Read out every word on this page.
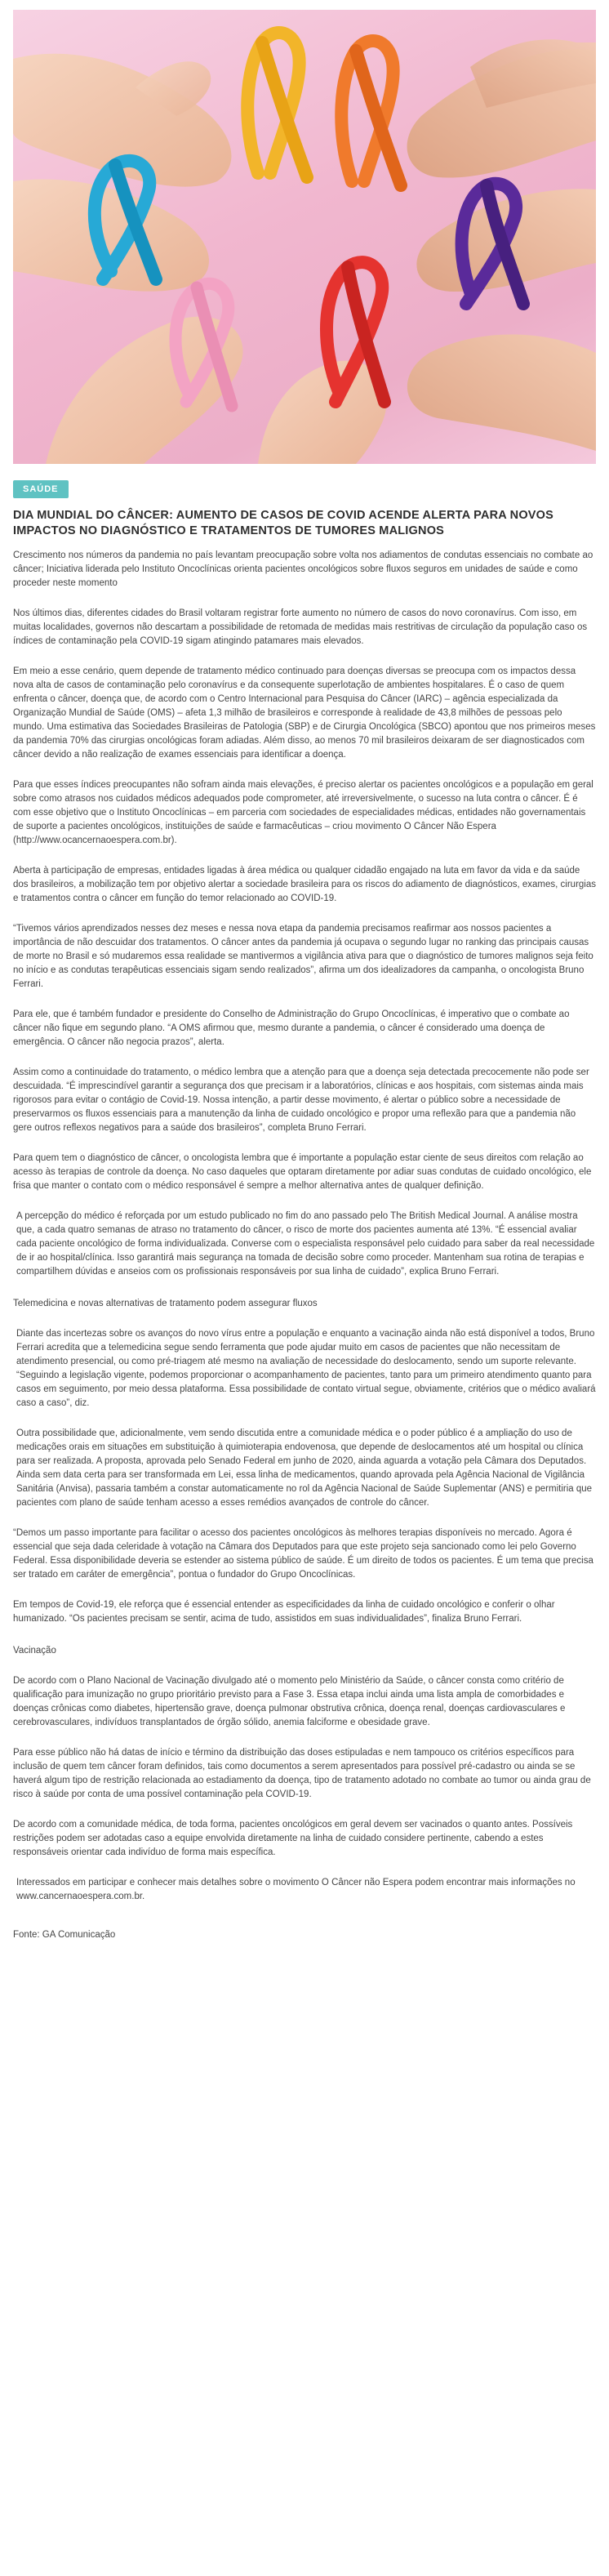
SAÚDE
DIA MUNDIAL DO CÂNCER: AUMENTO DE CASOS DE COVID ACENDE ALERTA PARA NOVOS IMPACTOS NO DIAGNÓSTICO E TRATAMENTOS DE TUMORES MALIGNOS

Crescimento nos números da pandemia no país levantam preocupação sobre volta nos adiamentos de condutas essenciais no combate ao câncer; Iniciativa liderada pelo Instituto Oncoclínicas orienta pacientes oncológicos sobre fluxos seguros em unidades de saúde e como proceder neste momento

Nos últimos dias, diferentes cidades do Brasil voltaram registrar forte aumento no número de casos do novo coronavírus. Com isso, em muitas localidades, governos não descartam a possibilidade de retomada de medidas mais restritivas de circulação da população caso os índices de contaminação pela COVID-19 sigam atingindo patamares mais elevados.

Em meio a esse cenário, quem depende de tratamento médico continuado para doenças diversas se preocupa com os impactos dessa nova alta de casos de contaminação pelo coronavírus e da consequente superlotação de ambientes hospitalares. É o caso de quem enfrenta o câncer, doença que, de acordo com o Centro Internacional para Pesquisa do Câncer (IARC) – agência especializada da Organização Mundial de Saúde (OMS) – afeta 1,3 milhão de brasileiros e corresponde à realidade de 43,8 milhões de pessoas pelo mundo. Uma estimativa das Sociedades Brasileiras de Patologia (SBP) e de Cirurgia Oncológica (SBCO) apontou que nos primeiros meses da pandemia 70% das cirurgias oncológicas foram adiadas. Além disso, ao menos 70 mil brasileiros deixaram de ser diagnosticados com câncer devido a não realização de exames essenciais para identificar a doença.

Para que esses índices preocupantes não sofram ainda mais elevações, é preciso alertar os pacientes oncológicos e a população em geral sobre como atrasos nos cuidados médicos adequados pode comprometer, até irreversivelmente, o sucesso na luta contra o câncer. É é com esse objetivo que o Instituto Oncoclínicas – em parceria com sociedades de especialidades médicas, entidades não governamentais de suporte a pacientes oncológicos, instituições de saúde e farmacêuticas – criou movimento O Câncer Não Espera (http://www.ocancernaoespera.com.br).

Aberta à participação de empresas, entidades ligadas à área médica ou qualquer cidadão engajado na luta em favor da vida e da saúde dos brasileiros, a mobilização tem por objetivo alertar a sociedade brasileira para os riscos do adiamento de diagnósticos, exames, cirurgias e tratamentos contra o câncer em função do temor relacionado ao COVID-19.

“Tivemos vários aprendizados nesses dez meses e nessa nova etapa da pandemia precisamos reafirmar aos nossos pacientes a importância de não descuidar dos tratamentos. O câncer antes da pandemia já ocupava o segundo lugar no ranking das principais causas de morte no Brasil e só mudaremos essa realidade se mantivermos a vigilância ativa para que o diagnóstico de tumores malignos seja feito no início e as condutas terapêuticas essenciais sigam sendo realizados”, afirma um dos idealizadores da campanha, o oncologista Bruno Ferrari.

Para ele, que é também fundador e presidente do Conselho de Administração do Grupo Oncoclínicas, é imperativo que o combate ao câncer não fique em segundo plano. “A OMS afirmou que, mesmo durante a pandemia, o câncer é considerado uma doença de emergência. O câncer não negocia prazos”, alerta.

Assim como a continuidade do tratamento, o médico lembra que a atenção para que a doença seja detectada precocemente não pode ser descuidada. “É imprescindível garantir a segurança dos que precisam ir a laboratórios, clínicas e aos hospitais, com sistemas ainda mais rigorosos para evitar o contágio de Covid-19. Nossa intenção, a partir desse movimento, é alertar o público sobre a necessidade de preservarmos os fluxos essenciais para a manutenção da linha de cuidado oncológico e propor uma reflexão para que a pandemia não gere outros reflexos negativos para a saúde dos brasileiros”, completa Bruno Ferrari.

Para quem tem o diagnóstico de câncer, o oncologista lembra que é importante a população estar ciente de seus direitos com relação ao acesso às terapias de controle da doença. No caso daqueles que optaram diretamente por adiar suas condutas de cuidado oncológico, ele frisa que manter o contato com o médico responsável é sempre a melhor alternativa antes de qualquer definição.

A percepção do médico é reforçada por um estudo publicado no fim do ano passado pelo The British Medical Journal. A análise mostra que, a cada quatro semanas de atraso no tratamento do câncer, o risco de morte dos pacientes aumenta até 13%. “É essencial avaliar cada paciente oncológico de forma individualizada. Converse com o especialista responsável pelo cuidado para saber da real necessidade de ir ao hospital/clínica. Isso garantirá mais segurança na tomada de decisão sobre como proceder. Mantenham sua rotina de terapias e compartilhem dúvidas e anseios com os profissionais responsáveis por sua linha de cuidado”, explica Bruno Ferrari.

Telemedicina e novas alternativas de tratamento podem assegurar fluxos

Diante das incertezas sobre os avanços do novo vírus entre a população e enquanto a vacinação ainda não está disponível a todos, Bruno Ferrari acredita que a telemedicina segue sendo ferramenta que pode ajudar muito em casos de pacientes que não necessitam de atendimento presencial, ou como pré-triagem até mesmo na avaliação de necessidade do deslocamento, sendo um suporte relevante. “Seguindo a legislação vigente, podemos proporcionar o acompanhamento de pacientes, tanto para um primeiro atendimento quanto para casos em seguimento, por meio dessa plataforma. Essa possibilidade de contato virtual segue, obviamente, critérios que o médico avaliará caso a caso”, diz.

Outra possibilidade que, adicionalmente, vem sendo discutida entre a comunidade médica e o poder público é a ampliação do uso de medicações orais em situações em substituição à quimioterapia endovenosa, que depende de deslocamentos até um hospital ou clínica para ser realizada. A proposta, aprovada pelo Senado Federal em junho de 2020, ainda aguarda a votação pela Câmara dos Deputados. Ainda sem data certa para ser transformada em Lei, essa linha de medicamentos, quando aprovada pela Agência Nacional de Vigilância Sanitária (Anvisa), passaria também a constar automaticamente no rol da Agência Nacional de Saúde Suplementar (ANS) e permitiria que pacientes com plano de saúde tenham acesso a esses remédios avançados de controle do câncer.

“Demos um passo importante para facilitar o acesso dos pacientes oncológicos às melhores terapias disponíveis no mercado. Agora é essencial que seja dada celeridade à votação na Câmara dos Deputados para que este projeto seja sancionado como lei pelo Governo Federal. Essa disponibilidade deveria se estender ao sistema público de saúde. É um direito de todos os pacientes. É um tema que precisa ser tratado em caráter de emergência”, pontua o fundador do Grupo Oncoclínicas.

Em tempos de Covid-19, ele reforça que é essencial entender as especificidades da linha de cuidado oncológico e conferir o olhar humanizado. “Os pacientes precisam se sentir, acima de tudo, assistidos em suas individualidades”, finaliza Bruno Ferrari.

Vacinação

De acordo com o Plano Nacional de Vacinação divulgado até o momento pelo Ministério da Saúde, o câncer consta como critério de qualificação para imunização no grupo prioritário previsto para a Fase 3. Essa etapa inclui ainda uma lista ampla de comorbidades e doenças crônicas como diabetes, hipertensão grave, doença pulmonar obstrutiva crônica, doença renal, doenças cardiovasculares e cerebrovasculares, indivíduos transplantados de órgão sólido, anemia falciforme e obesidade grave.

Para esse público não há datas de início e término da distribuição das doses estipuladas e nem tampouco os critérios específicos para inclusão de quem tem câncer foram definidos, tais como documentos a serem apresentados para possível pré-cadastro ou ainda se se haverá algum tipo de restrição relacionada ao estadiamento da doença, tipo de tratamento adotado no combate ao tumor ou ainda grau de risco à saúde por conta de uma possível contaminação pela COVID-19.

De acordo com a comunidade médica, de toda forma, pacientes oncológicos em geral devem ser vacinados o quanto antes. Possíveis restrições podem ser adotadas caso a equipe envolvida diretamente na linha de cuidado considere pertinente, cabendo a estes responsáveis orientar cada indivíduo de forma mais específica.

Interessados em participar e conhecer mais detalhes sobre o movimento O Câncer não Espera podem encontrar mais informações no www.cancernaoespera.com.br.

Fonte: GA Comunicação
